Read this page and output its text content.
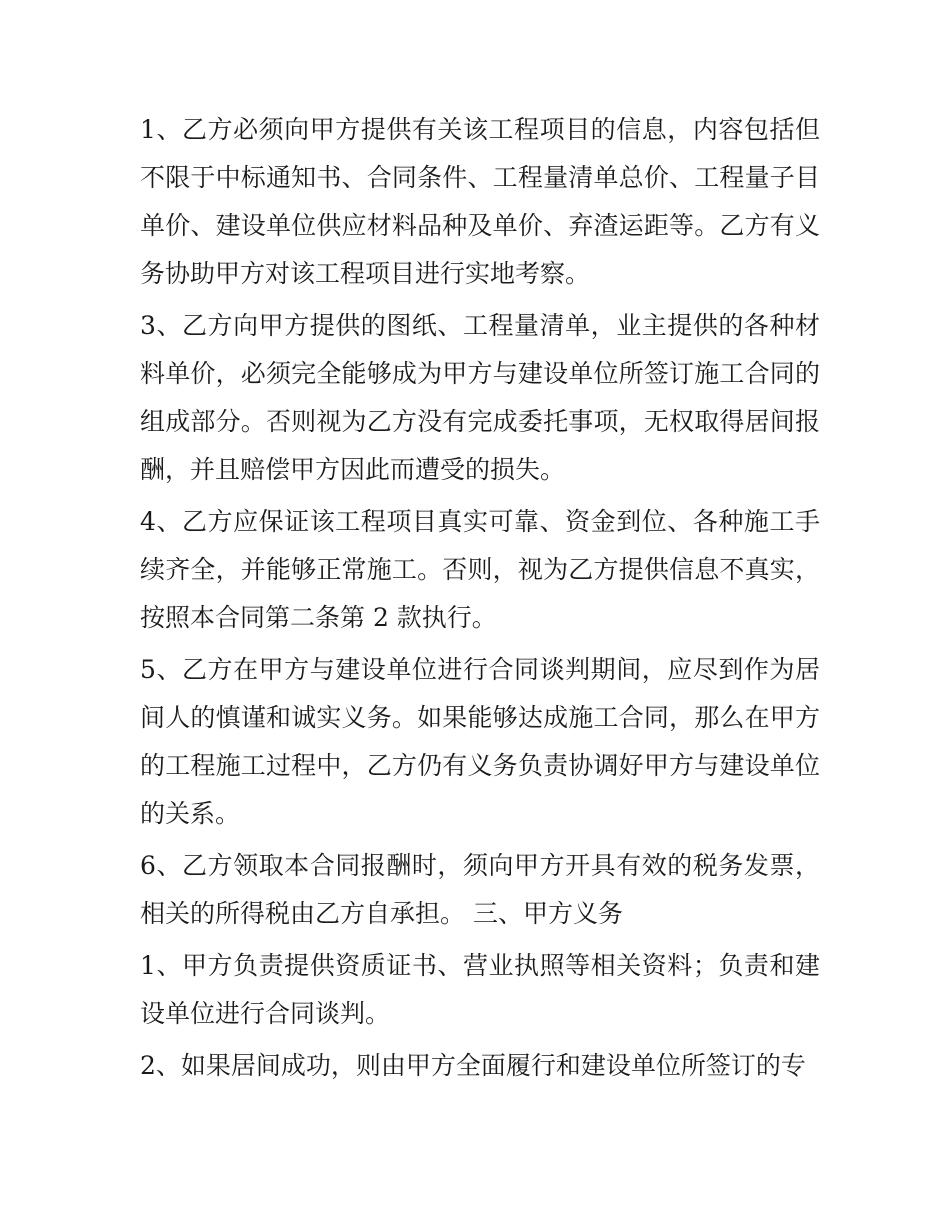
1、乙方必须向甲方提供有关该工程项目的信息，内容包括但不限于中标通知书、合同条件、工程量清单总价、工程量子目单价、建设单位供应材料品种及单价、弃渣运距等。乙方有义务协助甲方对该工程项目进行实地考察。

3、乙方向甲方提供的图纸、工程量清单，业主提供的各种材料单价，必须完全能够成为甲方与建设单位所签订施工合同的组成部分。否则视为乙方没有完成委托事项，无权取得居间报酬，并且赔偿甲方因此而遭受的损失。

4、乙方应保证该工程项目真实可靠、资金到位、各种施工手续齐全，并能够正常施工。否则，视为乙方提供信息不真实，按照本合同第二条第 2 款执行。

5、乙方在甲方与建设单位进行合同谈判期间，应尽到作为居间人的慎谨和诚实义务。如果能够达成施工合同，那么在甲方的工程施工过程中，乙方仍有义务负责协调好甲方与建设单位的关系。

6、乙方领取本合同报酬时，须向甲方开具有效的税务发票，相关的所得税由乙方自承担。 三、甲方义务

1、甲方负责提供资质证书、营业执照等相关资料；负责和建设单位进行合同谈判。

2、如果居间成功，则由甲方全面履行和建设单位所签订的专
